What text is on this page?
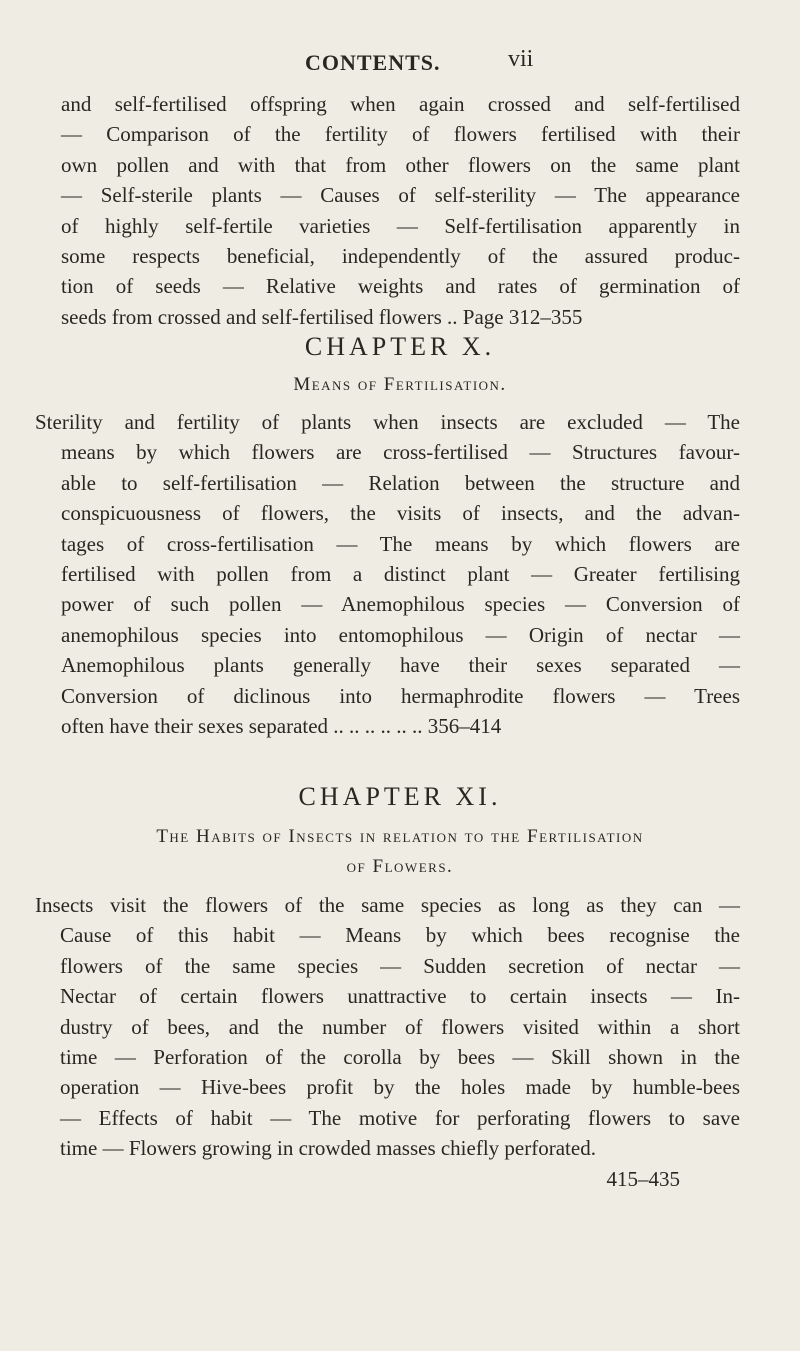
CONTENTS.	vii
and self-fertilised offspring when again crossed and self-fertilised
— Comparison of the fertility of flowers fertilised with their
own pollen and with that from other flowers on the same plant
— Self-sterile plants — Causes of self-sterility — The appearance
of highly self-fertile varieties — Self-fertilisation apparently in
some respects beneficial, independently of the assured produc-
tion of seeds — Relative weights and rates of germination of
seeds from crossed and self-fertilised flowers .. Page 312–355
CHAPTER X.
Means of Fertilisation.
Sterility and fertility of plants when insects are excluded — The
means by which flowers are cross-fertilised — Structures favour-
able to self-fertilisation — Relation between the structure and
conspicuousness of flowers, the visits of insects, and the advan-
tages of cross-fertilisation — The means by which flowers are
fertilised with pollen from a distinct plant — Greater fertilising
power of such pollen — Anemophilous species — Conversion of
anemophilous species into entomophilous — Origin of nectar —
Anemophilous plants generally have their sexes separated —
Conversion of diclinous into hermaphrodite flowers — Trees
often have their sexes separated .. .. .. .. .. .. 356–414
CHAPTER XI.
The Habits of Insects in relation to the Fertilisation
of Flowers.
Insects visit the flowers of the same species as long as they can —
Cause of this habit — Means by which bees recognise the
flowers of the same species — Sudden secretion of nectar —
Nectar of certain flowers unattractive to certain insects — In-
dustry of bees, and the number of flowers visited within a short
time — Perforation of the corolla by bees — Skill shown in the
operation — Hive-bees profit by the holes made by humble-bees
— Effects of habit — The motive for perforating flowers to save
time — Flowers growing in crowded masses chiefly perforated.
415–435
